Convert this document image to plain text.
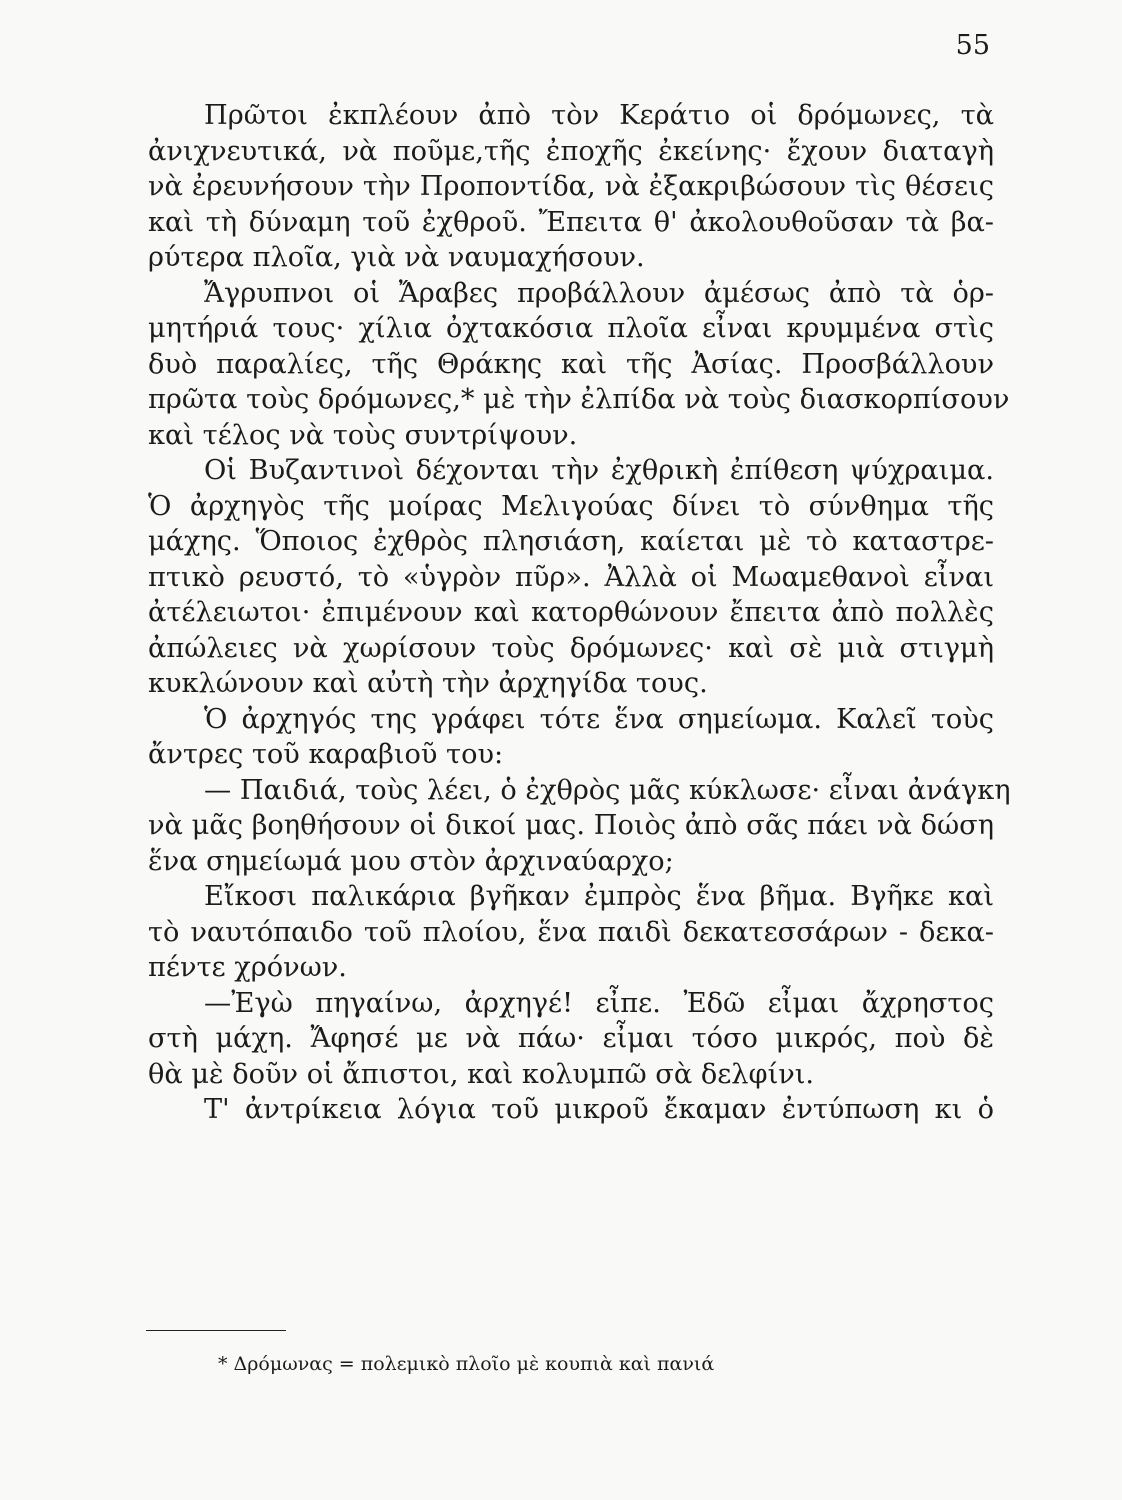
55
Πρῶτοι ἐκπλέουν ἀπὸ τὸν Κεράτιο οἱ δρόμωνες, τὰ
ἀνιχνευτικά, νὰ ποῦμε,τῆς ἐποχῆς ἐκείνης· ἔχουν διαταγὴ
νὰ ἐρευνήσουν τὴν Προποντίδα, νὰ ἐξακριβώσουν τὶς θέσεις
καὶ τὴ δύναμη τοῦ ἐχθροῦ. Ἔπειτα θ' ἀκολουθοῦσαν τὰ βα-
ρύτερα πλοῖα, γιὰ νὰ ναυμαχήσουν.
Ἄγρυπνοι οἱ Ἄραβες προβάλλουν ἀμέσως ἀπὸ τὰ ὁρ-
μητήριά τους· χίλια ὀχτακόσια πλοῖα εἶναι κρυμμένα στὶς
δυὸ παραλίες, τῆς Θράκης καὶ τῆς Ἀσίας. Προσβάλλουν
πρῶτα τοὺς δρόμωνες,* μὲ τὴν ἐλπίδα νὰ τοὺς διασκορπίσουν
καὶ τέλος νὰ τοὺς συντρίψουν.
Οἱ Βυζαντινοὶ δέχονται τὴν ἐχθρικὴ ἐπίθεση ψύχραιμα.
Ὁ ἀρχηγὸς τῆς μοίρας Μελιγούας δίνει τὸ σύνθημα τῆς
μάχης. Ὅποιος ἐχθρὸς πλησιάση, καίεται μὲ τὸ καταστρε-
πτικὸ ρευστό, τὸ «ὑγρὸν πῦρ». Ἀλλὰ οἱ Μωαμεθανοὶ εἶναι
ἀτέλειωτοι· ἐπιμένουν καὶ κατορθώνουν ἔπειτα ἀπὸ πολλὲς
ἀπώλειες νὰ χωρίσουν τοὺς δρόμωνες· καὶ σὲ μιὰ στιγμὴ
κυκλώνουν καὶ αὐτὴ τὴν ἀρχηγίδα τους.
Ὁ ἀρχηγός της γράφει τότε ἕνα σημείωμα. Καλεῖ τοὺς
ἄντρες τοῦ καραβιοῦ του:
— Παιδιά, τοὺς λέει, ὁ ἐχθρὸς μᾶς κύκλωσε· εἶναι ἀνάγκη
νὰ μᾶς βοηθήσουν οἱ δικοί μας. Ποιὸς ἀπὸ σᾶς πάει νὰ δώση
ἕνα σημείωμά μου στὸν ἀρχιναύαρχο;
Εἴκοσι παλικάρια βγῆκαν ἐμπρὸς ἕνα βῆμα. Βγῆκε καὶ
τὸ ναυτόπαιδο τοῦ πλοίου, ἕνα παιδὶ δεκατεσσάρων - δεκα-
πέντε χρόνων.
—Ἐγὼ πηγαίνω, ἀρχηγέ! εἶπε. Ἐδῶ εἶμαι ἄχρηστος
στὴ μάχη. Ἄφησέ με νὰ πάω· εἶμαι τόσο μικρός, ποὺ δὲ
θὰ μὲ δοῦν οἱ ἄπιστοι, καὶ κολυμπῶ σὰ δελφίνι.
Τ' ἀντρίκεια λόγια τοῦ μικροῦ ἔκαμαν ἐντύπωση κι ὁ
* Δρόμωνας = πολεμικὸ πλοῖο μὲ κουπιὰ καὶ πανιά
